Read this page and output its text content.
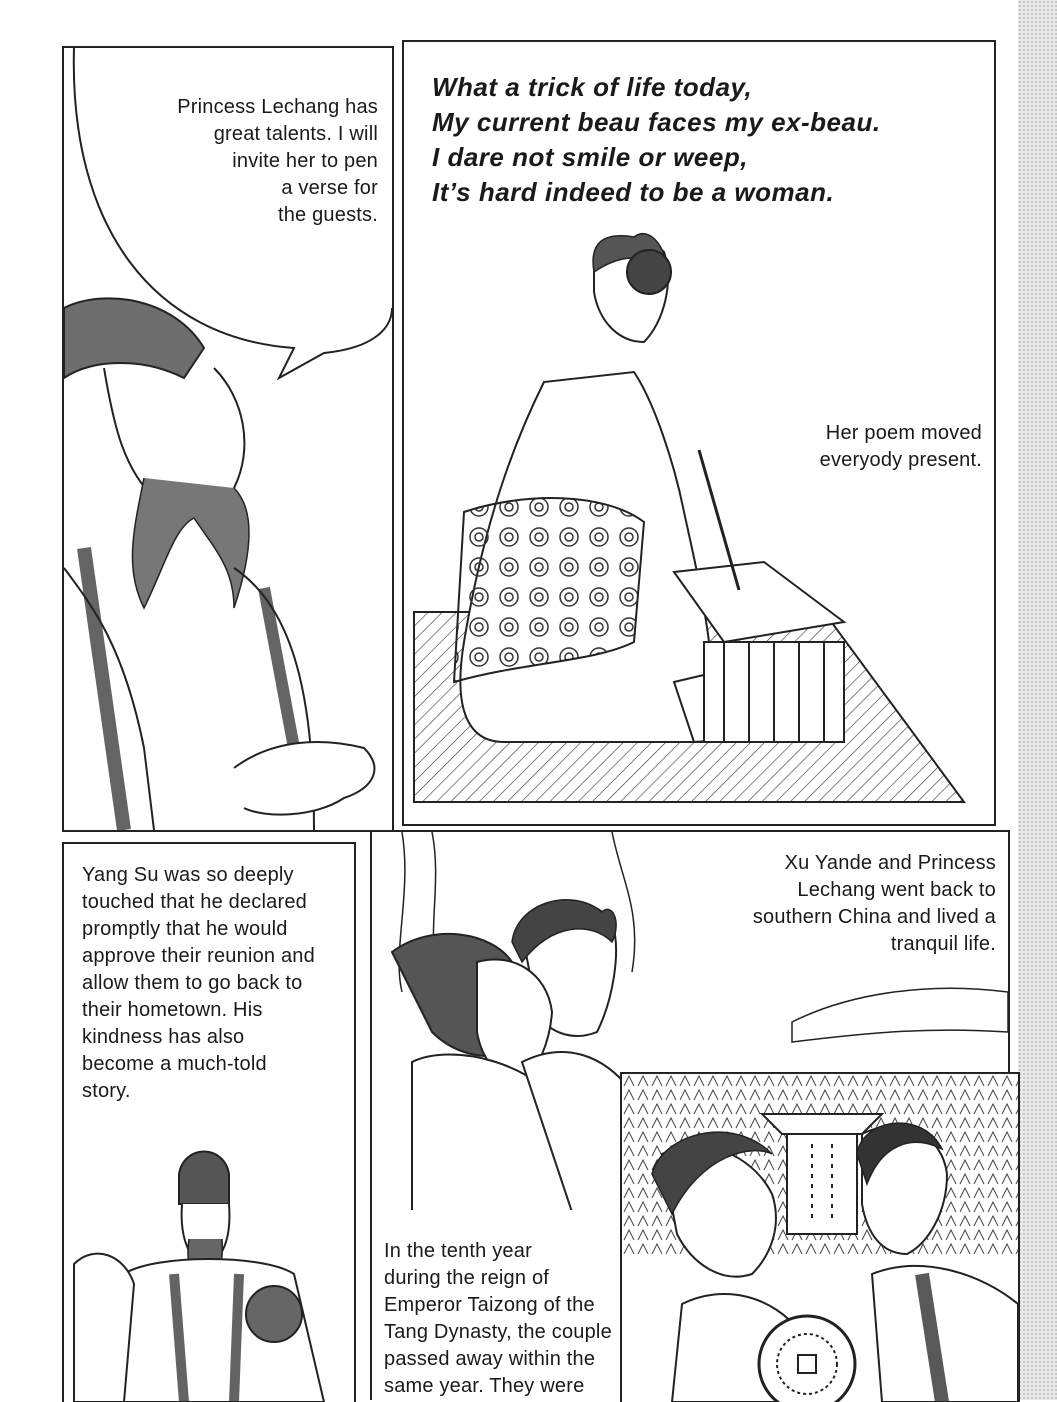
Princess Lechang has
great talents. I will
invite her to pen
a verse for
the guests.
What a trick of life today,
My current beau faces my ex-beau.
I dare not smile or weep,
It’s hard indeed to be a woman.
Her poem moved
everyody present.
Yang Su was so deeply
touched that he declared
promptly that he would
approve their reunion and
allow them to go back to
their hometown. His
kindness has also
become a much-told
story.
Xu Yande and Princess
Lechang went back to
southern China and lived a
tranquil life.
In the tenth year
during the reign of
Emperor Taizong of the
Tang Dynasty, the couple
passed away within the
same year. They were
